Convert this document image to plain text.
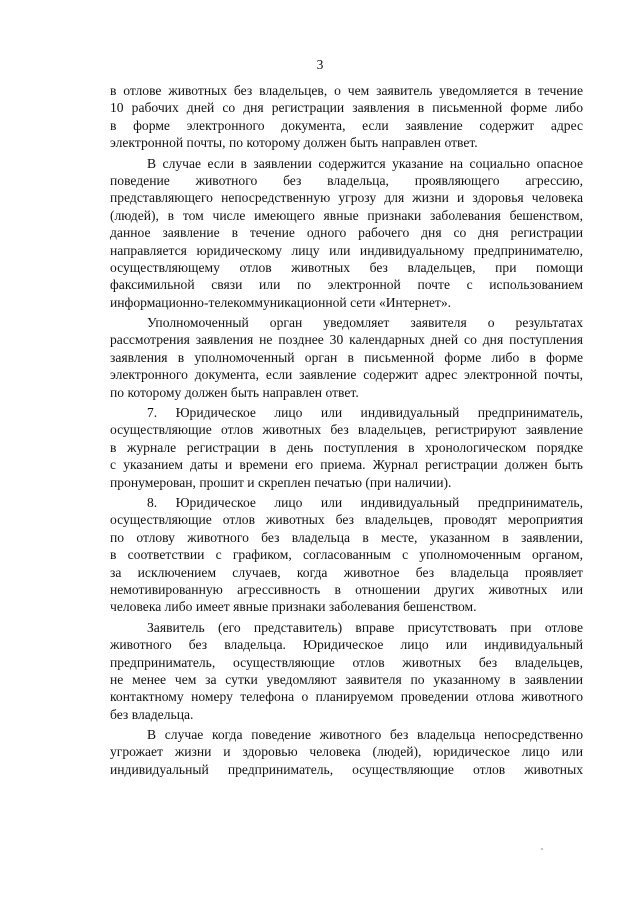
3
в отлове животных без владельцев, о чем заявитель уведомляется в течение
10 рабочих дней со дня регистрации заявления в письменной форме либо
в форме электронного документа, если заявление содержит адрес
электронной почты, по которому должен быть направлен ответ.
В случае если в заявлении содержится указание на социально опасное
поведение животного без владельца, проявляющего агрессию,
представляющего непосредственную угрозу для жизни и здоровья человека
(людей), в том числе имеющего явные признаки заболевания бешенством,
данное заявление в течение одного рабочего дня со дня регистрации
направляется юридическому лицу или индивидуальному предпринимателю,
осуществляющему отлов животных без владельцев, при помощи
факсимильной связи или по электронной почте с использованием
информационно-телекоммуникационной сети «Интернет».
Уполномоченный орган уведомляет заявителя о результатах
рассмотрения заявления не позднее 30 календарных дней со дня поступления
заявления в уполномоченный орган в письменной форме либо в форме
электронного документа, если заявление содержит адрес электронной почты,
по которому должен быть направлен ответ.
7. Юридическое лицо или индивидуальный предприниматель,
осуществляющие отлов животных без владельцев, регистрируют заявление
в журнале регистрации в день поступления в хронологическом порядке
с указанием даты и времени его приема. Журнал регистрации должен быть
пронумерован, прошит и скреплен печатью (при наличии).
8. Юридическое лицо или индивидуальный предприниматель,
осуществляющие отлов животных без владельцев, проводят мероприятия
по отлову животного без владельца в месте, указанном в заявлении,
в соответствии с графиком, согласованным с уполномоченным органом,
за исключением случаев, когда животное без владельца проявляет
немотивированную агрессивность в отношении других животных или
человека либо имеет явные признаки заболевания бешенством.
Заявитель (его представитель) вправе присутствовать при отлове
животного без владельца. Юридическое лицо или индивидуальный
предприниматель, осуществляющие отлов животных без владельцев,
не менее чем за сутки уведомляют заявителя по указанному в заявлении
контактному номеру телефона о планируемом проведении отлова животного
без владельца.
В случае когда поведение животного без владельца непосредственно
угрожает жизни и здоровью человека (людей), юридическое лицо или
индивидуальный предприниматель, осуществляющие отлов животных
